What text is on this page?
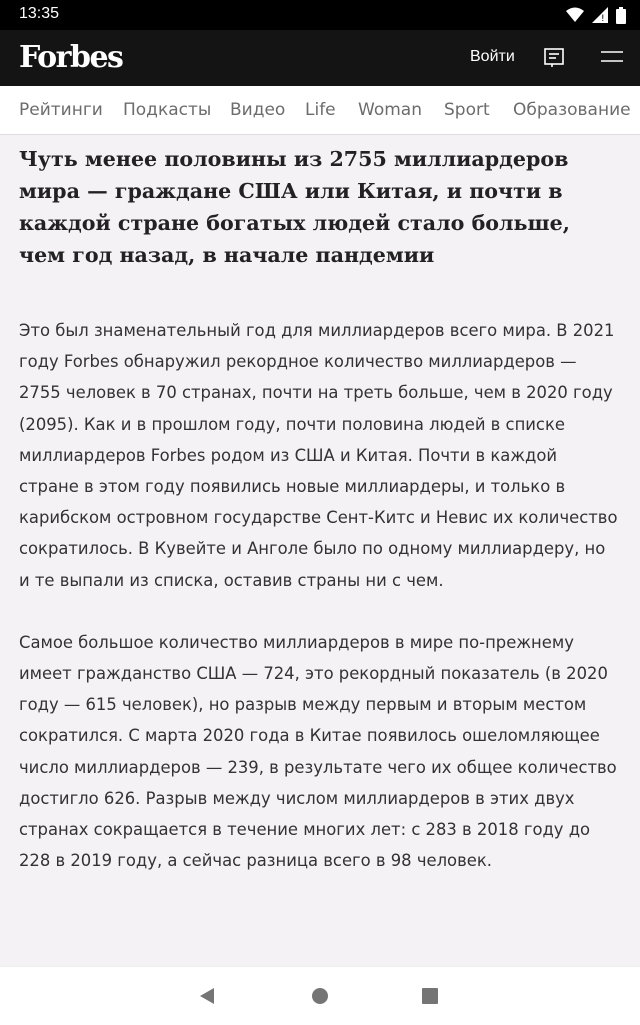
13:35	!
Forbes	Войти
Рейтинги Подкасты Видео Life Woman Sport Образование
Чуть менее половины из 2755 миллиардеров мира — граждане США или Китая, и почти в каждой стране богатых людей стало больше, чем год назад, в начале пандемии

Это был знаменательный год для миллиардеров всего мира. В 2021 году Forbes обнаружил рекордное количество миллиардеров — 2755 человек в 70 странах, почти на треть больше, чем в 2020 году (2095). Как и в прошлом году, почти половина людей в списке миллиардеров Forbes родом из США и Китая. Почти в каждой стране в этом году появились новые миллиардеры, и только в карибском островном государстве Сент-Китс и Невис их количество сократилось. В Кувейте и Анголе было по одному миллиардеру, но и те выпали из списка, оставив страны ни с чем.

Самое большое количество миллиардеров в мире по-прежнему имеет гражданство США — 724, это рекордный показатель (в 2020 году — 615 человек), но разрыв между первым и вторым местом сократился. С марта 2020 года в Китае появилось ошеломляющее число миллиардеров — 239, в результате чего их общее количество достигло 626. Разрыв между числом миллиардеров в этих двух странах сокращается в течение многих лет: с 283 в 2018 году до 228 в 2019 году, а сейчас разница всего в 98 человек.
